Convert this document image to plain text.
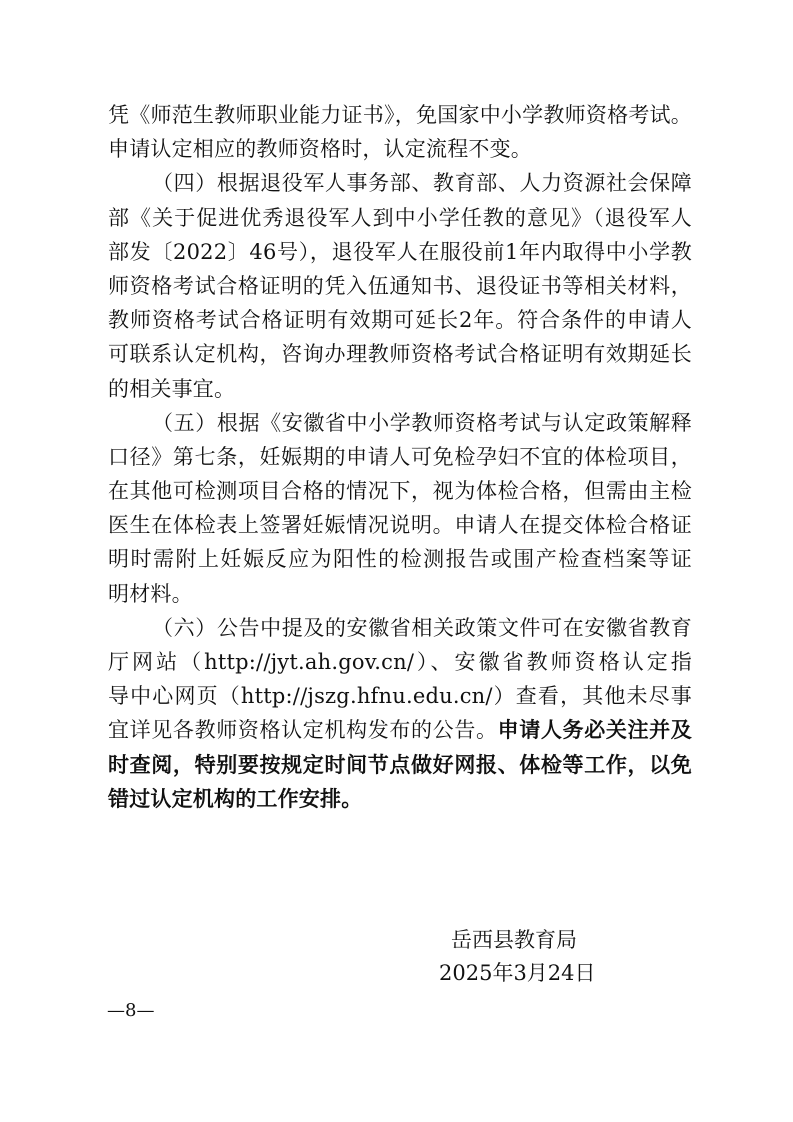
凭《师范生教师职业能力证书》，免国家中小学教师资格考试。
申请认定相应的教师资格时，认定流程不变。
（四）根据退役军人事务部、教育部、人力资源社会保障
部《关于促进优秀退役军人到中小学任教的意见》（退役军人
部发〔2022〕46号），退役军人在服役前1年内取得中小学教
师资格考试合格证明的凭入伍通知书、退役证书等相关材料，
教师资格考试合格证明有效期可延长2年。符合条件的申请人
可联系认定机构，咨询办理教师资格考试合格证明有效期延长
的相关事宜。
（五）根据《安徽省中小学教师资格考试与认定政策解释
口径》第七条，妊娠期的申请人可免检孕妇不宜的体检项目，
在其他可检测项目合格的情况下，视为体检合格，但需由主检
医生在体检表上签署妊娠情况说明。申请人在提交体检合格证
明时需附上妊娠反应为阳性的检测报告或围产检查档案等证
明材料。
（六）公告中提及的安徽省相关政策文件可在安徽省教育
厅网站（http://jyt.ah.gov.cn/）、安徽省教师资格认定指
导中心网页（http://jszg.hfnu.edu.cn/）查看，其他未尽事
宜详见各教师资格认定机构发布的公告。申请人务必关注并及
时查阅，特别要按规定时间节点做好网报、体检等工作，以免
错过认定机构的工作安排。
岳西县教育局
2025年3月24日
—8—
